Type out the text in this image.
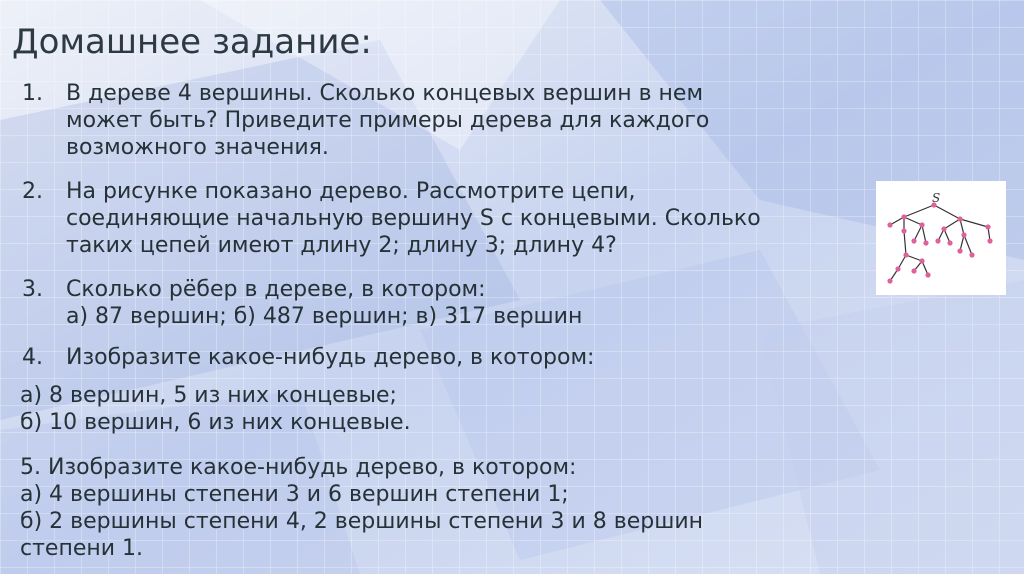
Домашнее задание:
1. В дереве 4 вершины. Сколько концевых вершин в нем
может быть? Приведите примеры дерева для каждого
возможного значения.
2. На рисунке показано дерево. Рассмотрите цепи,
соединяющие начальную вершину S с концевыми. Сколько
таких цепей имеют длину 2; длину 3; длину 4?
3. Сколько рёбер в дереве, в котором:
а) 87 вершин; б) 487 вершин; в) 317 вершин
4. Изобразите какое-нибудь дерево, в котором:
а) 8 вершин, 5 из них концевые;
б) 10 вершин, 6 из них концевые.
5. Изобразите какое-нибудь дерево, в котором:
а) 4 вершины степени 3 и 6 вершин степени 1;
б) 2 вершины степени 4, 2 вершины степени 3 и 8 вершин
степени 1.
S
